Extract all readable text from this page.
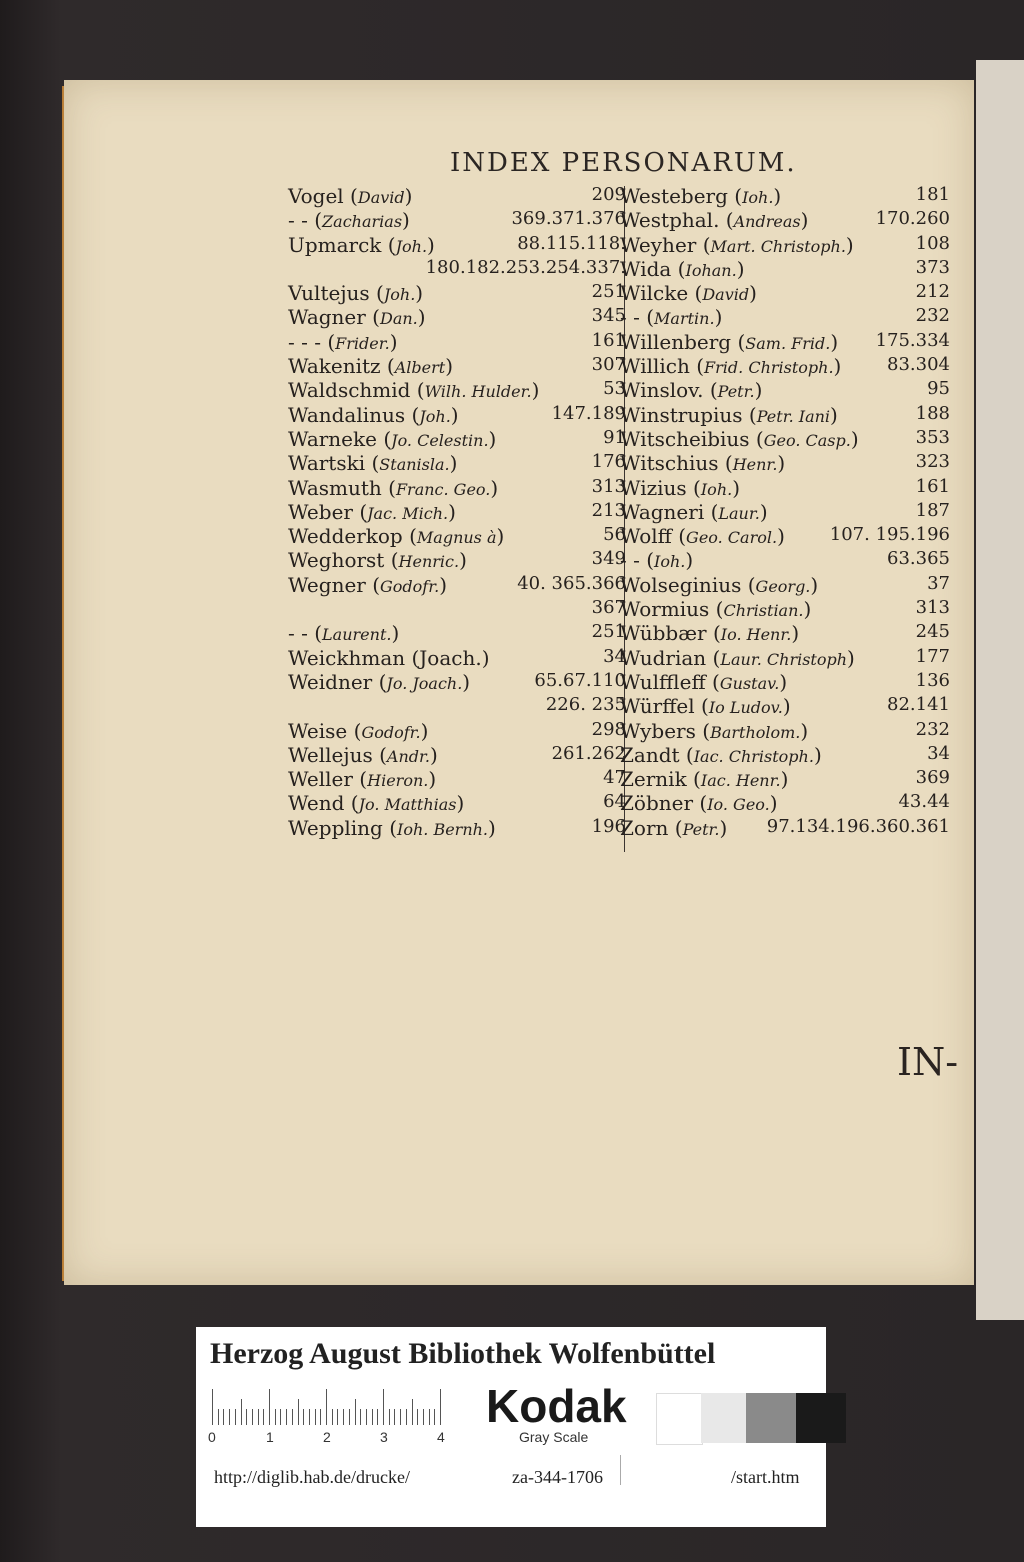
INDEX PERSONARUM.
Vogel (David)	209
- - (Zacharias)	369.371.376
Upmarck (Joh.)	88.115.118.
180.182.253.254.337.
Vultejus (Joh.)	251
Wagner (Dan.)	345
- - - (Frider.)	161
Wakenitz (Albert)	307
Waldschmid (Wilh. Hulder.)	53
Wandalinus (Joh.)	147.189
Warneke (Jo. Celestin.)	91
Wartski (Stanisla.)	176
Wasmuth (Franc. Geo.)	313
Weber (Jac. Mich.)	213
Wedderkop (Magnus à)	56
Weghorst (Henric.)	349
Wegner (Godofr.)	40. 365.366
367
- - (Laurent.)	251
Weickhman (Joach.)	34
Weidner (Jo. Joach.)	65.67.110
226. 235
Weise (Godofr.)	298
Wellejus (Andr.)	261.262
Weller (Hieron.)	47
Wend (Jo. Matthias)	64
Weppling (Ioh. Bernh.)	196
Westeberg (Ioh.)	181
Westphal. (Andreas)	170.260
Weyher (Mart. Christoph.)	108
Wida (Iohan.)	373
Wilcke (David)	212
- - (Martin.)	232
Willenberg (Sam. Frid.) 175.334
Willich (Frid. Christoph.)	83.304
Winslov. (Petr.)	95
Winstrupius (Petr. Iani)	188
Witscheibius (Geo. Casp.)	353
Witschius (Henr.)	323
Wizius (Ioh.)	161
Wagneri (Laur.)	187
Wolff (Geo. Carol.) 107. 195.196
- - (Ioh.)	63.365
Wolseginius (Georg.)	37
Wormius (Christian.)	313
Wübbær (Io. Henr.)	245
Wudrian (Laur. Christoph)	177
Wulffleff (Gustav.)	136
Würffel (Io Ludov.)	82.141
Wybers (Bartholom.)	232
Zandt (Iac. Christoph.)	34
Zernik (Iac. Henr.)	369
Zöbner (Io. Geo.)	43.44
Zorn (Petr.) 97.134.196.360.361
IN-
Herzog August Bibliothek Wolfenbüttel
Kodak
Gray Scale
0	1	2	3	4
http://diglib.hab.de/drucke/	za-344-1706	/start.htm
